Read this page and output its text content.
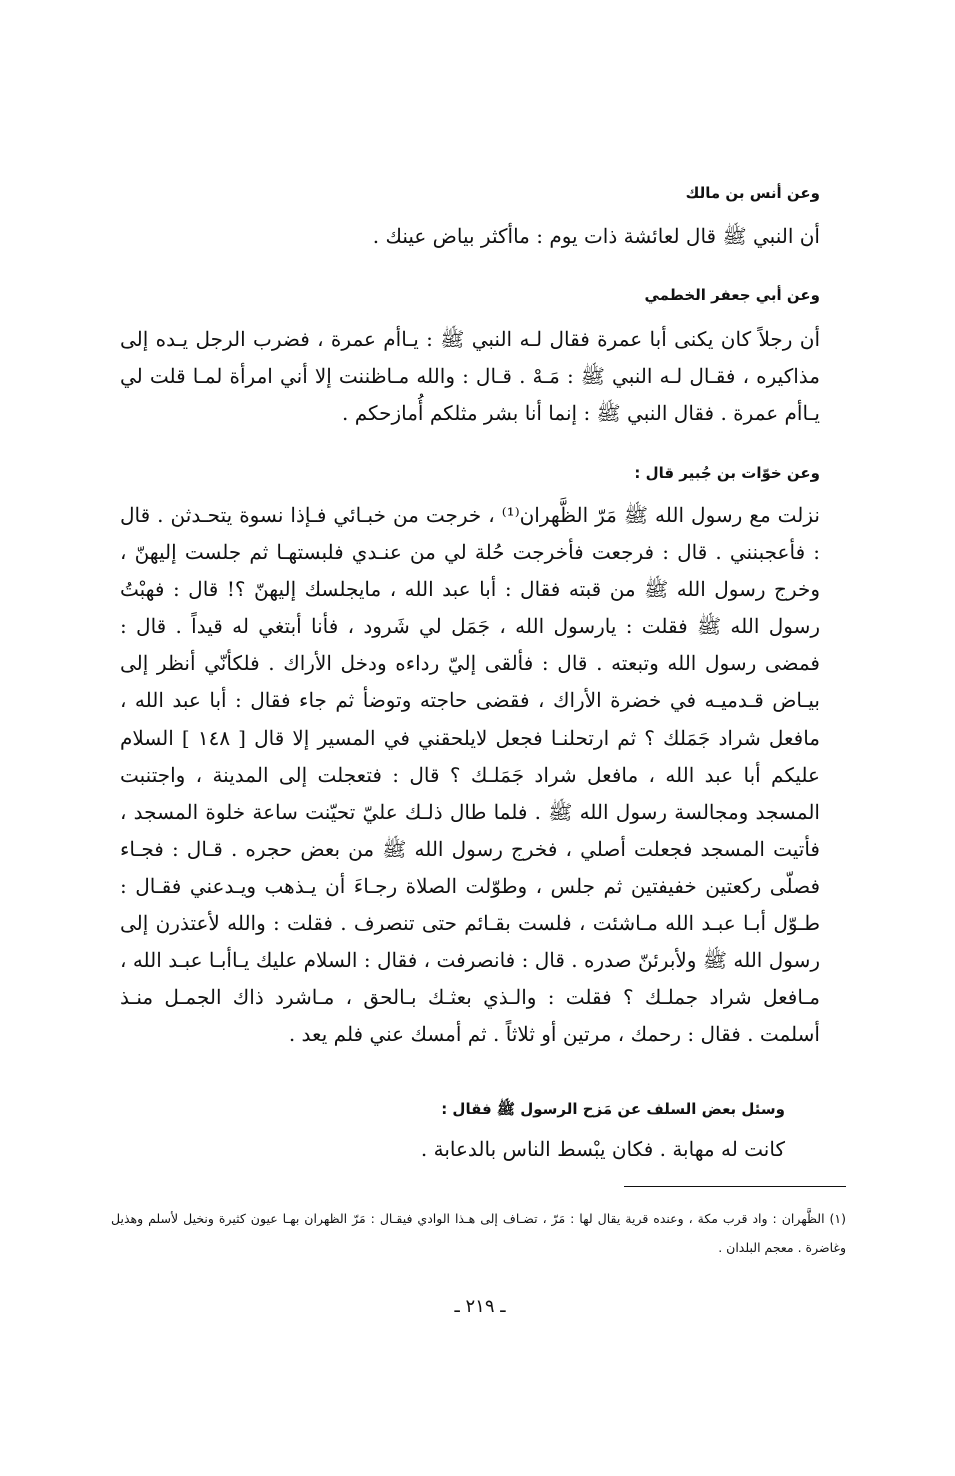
وعن أنس بن مالك

أن النبي ﷺ قال لعائشة ذات يوم : ماأكثر بياض عينك .

وعن أبي جعفر الخطمي

أن رجلاً كان يكنى أبا عمرة فقال لـه النبي ﷺ : يـاأم عمرة ، فضرب الرجل يـده إلى مذاكيره ، فقـال لـه النبي ﷺ : مَـهْ . قـال : والله مـاظننت إلا أني امرأة لمـا قلت لي يـاأم عمرة . فقال النبي ﷺ : إنما أنا بشر مثلكم أُمازحكم .

وعن خوّات بن جُبير قال :

نزلت مع رسول الله ﷺ مَرّ الظَّهران⁽¹⁾ ، خرجت من خبـائي فـإذا نسوة يتحـدثن . قال : فأعجبنني . قال : فرجعت فأخرجت حُلة لي من عنـدي فلبستهـا ثم جلست إليهنّ ، وخرج رسول الله ﷺ من قبته فقال : أبا عبد الله ، مايجلسك إليهنّ ؟! قال : فهبْتُ رسول الله ﷺ فقلت : يارسول الله ، جَمَل لي شَرود ، فأنا أبتغي له قيداً . قال : فمضى رسول الله وتبعته . قال : فألقى إليّ رداءه ودخل الأراك . فلكأنّي أنظر إلى بيـاض قـدميـه في خضرة الأراك ، فقضى حاجته وتوضأ ثم جاء فقال : أبا عبد الله ، مافعل شراد جَمَلك ؟ ثم ارتحلنـا فجعل لايلحقني في المسير إلا قال [ ١٤٨ ] السلام عليكم أبا عبد الله ، مافعل شراد جَمَلـك ؟ قال : فتعجلت إلى المدينة ، واجتنبت المسجد ومجالسة رسول الله ﷺ . فلما طال ذلـك عليّ تحيّنت ساعة خلوة المسجد ، فأتيت المسجد فجعلت أصلي ، فخرج رسول الله ﷺ من بعض حجره . قـال : فجـاء فصلّى ركعتين خفيفتين ثم جلس ، وطوّلت الصلاة رجـاءَ أن يـذهب ويـدعني فقـال : طـوّل أبـا عبـد الله مـاشئت ، فلست بقـائم حتى تنصرف . فقلت : والله لأعتذرن إلى رسول الله ﷺ ولأبرئنّ صدره . قال : فانصرفت ، فقال : السلام عليك يـاأبـا عبـد الله ، مـافعل شراد جملـك ؟ فقلت : والـذي بعثـك بـالحق ، مـاشرد ذاك الجمـل منـذ أسلمت . فقال : رحمك ، مرتين أو ثلاثاً . ثم أمسك عني فلم يعد .

وسئل بعض السلف عن مَزح الرسول ﷺ فقال :

كانت له مهابة . فكان يبْسط الناس بالدعابة .

(١) الظَّهران : واد قرب مكة ، وعنده قرية يقال لها : مَرّ ، تضـاف إلى هـذا الوادي فيقـال : مَرّ الظهران بهـا عيون كثيرة ونخيل لأسلم وهذيل وغاضرة . معجم البلدان .

ـ ٢١٩ ـ
